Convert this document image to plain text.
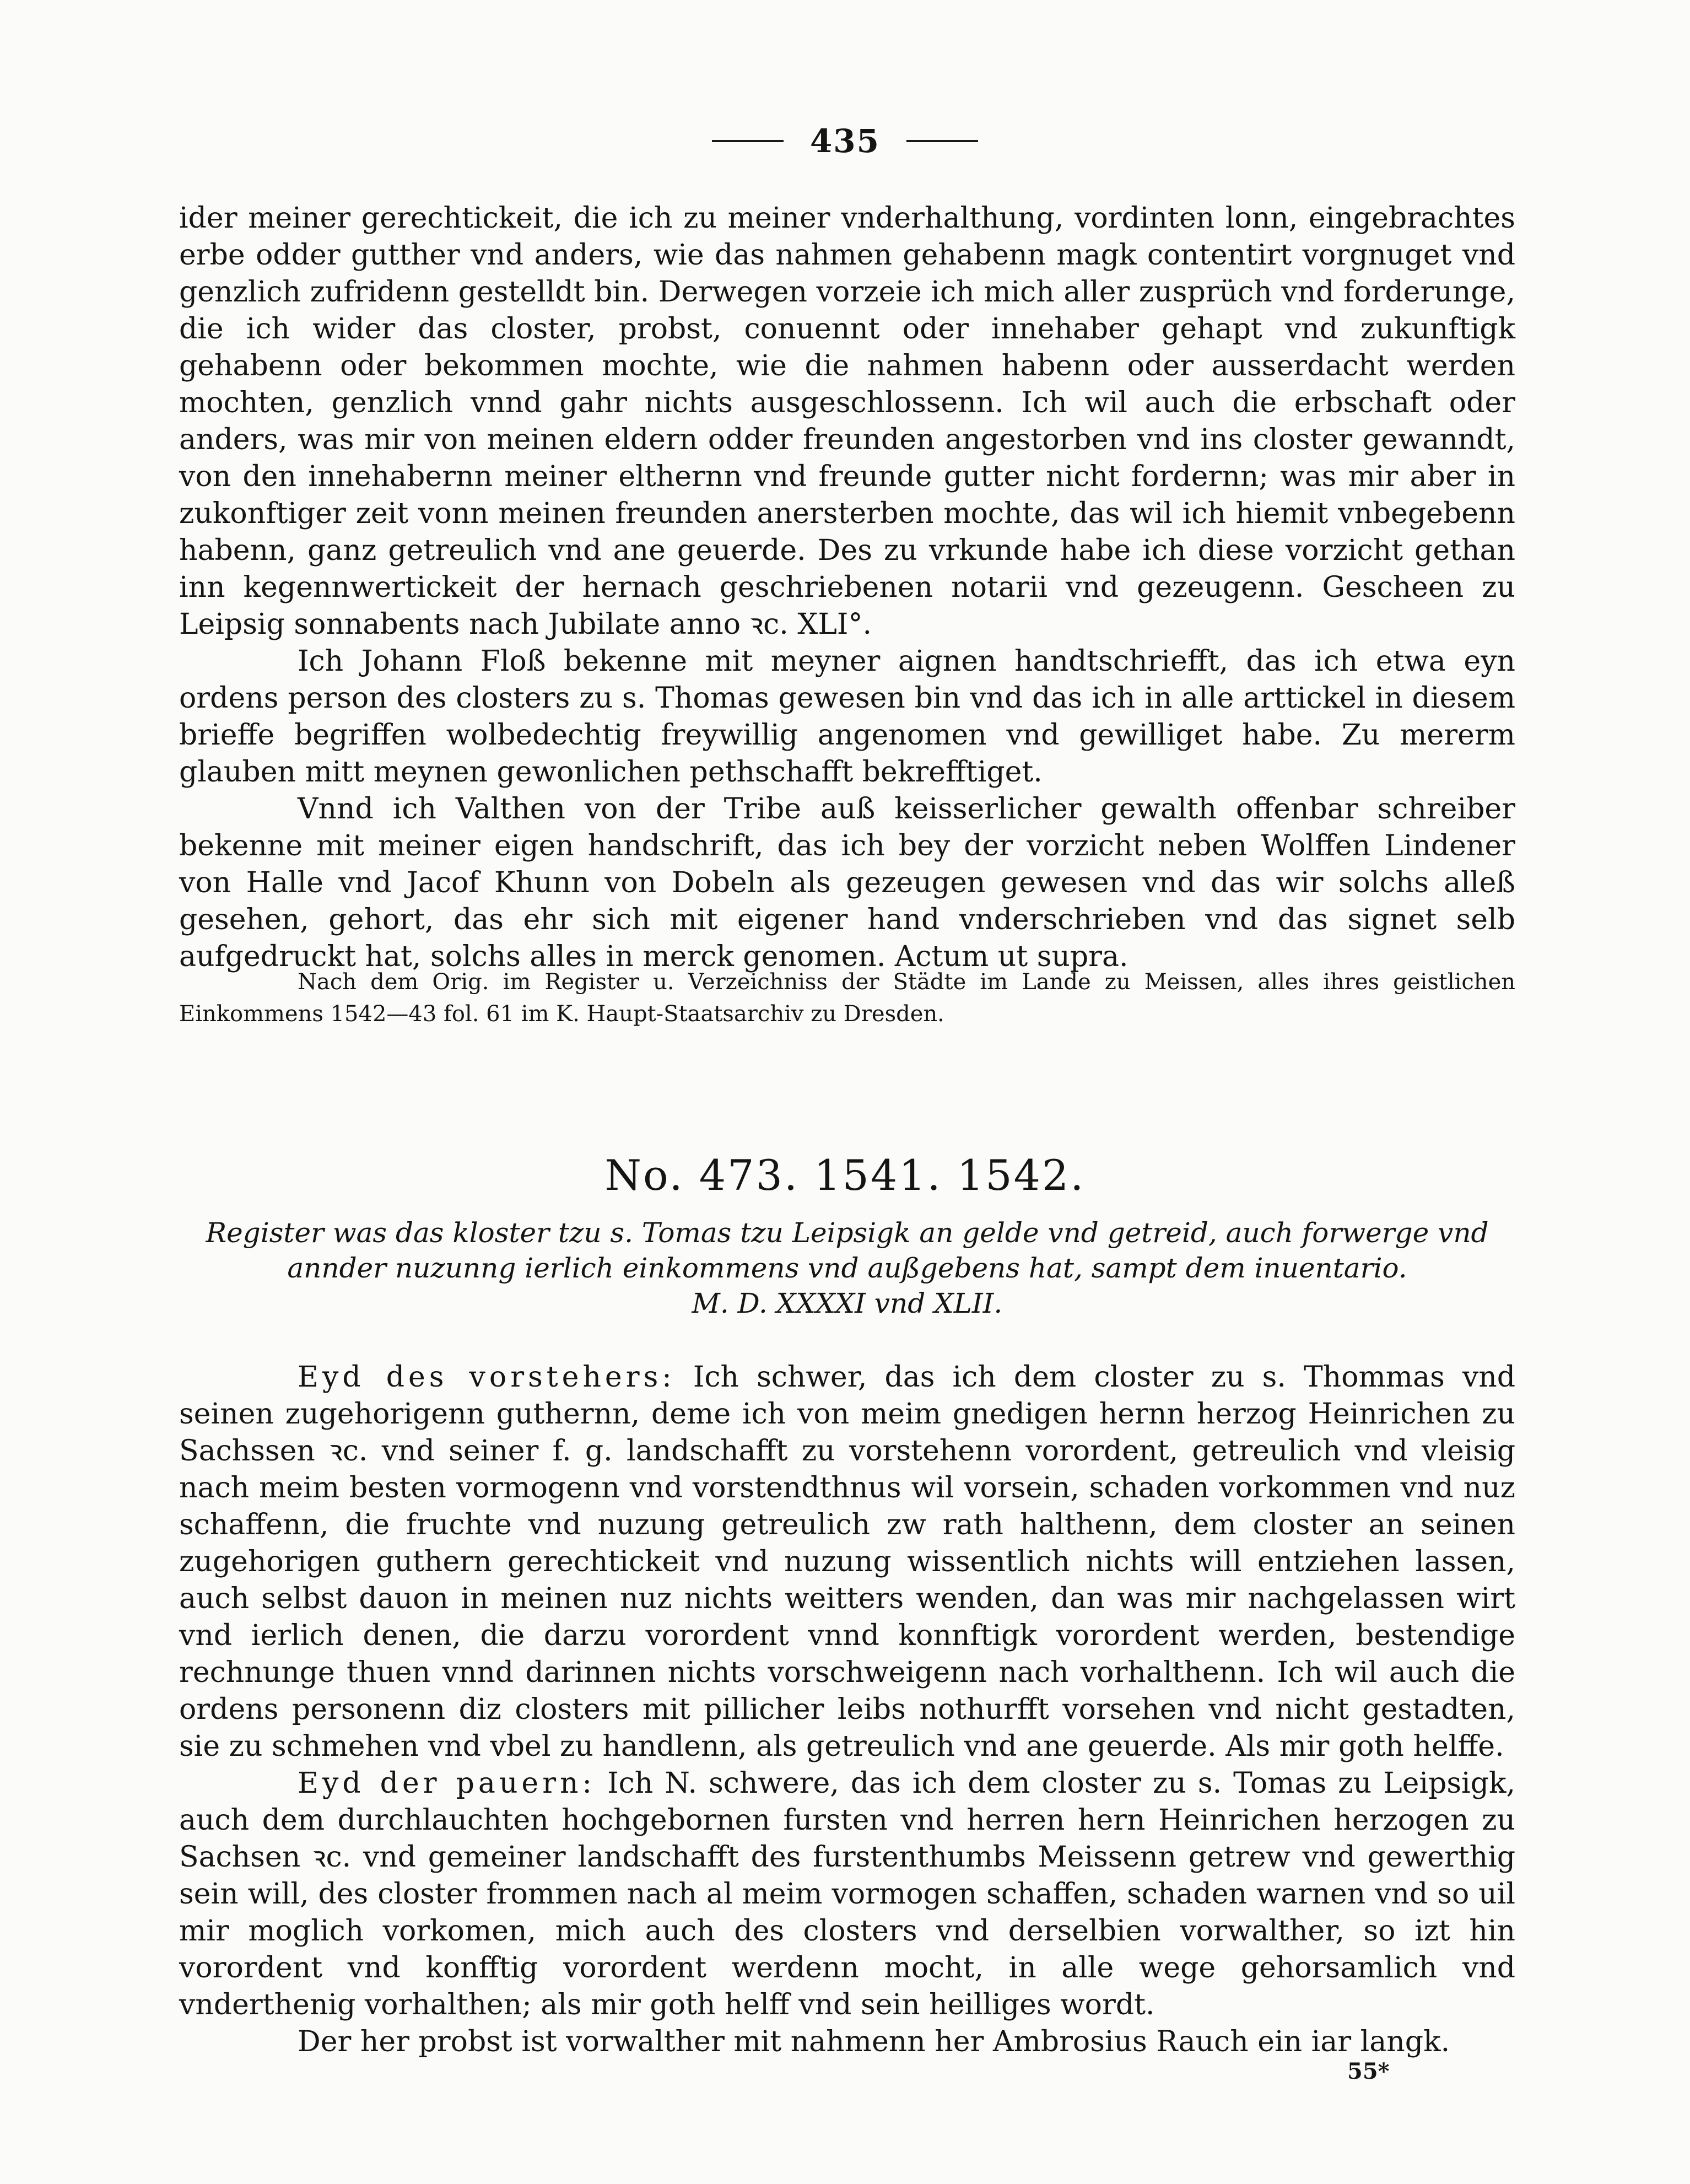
435

ider meiner gerechtickeit, die ich zu meiner vnderhalthung, vordinten lonn, eingebrachtes erbe odder gutther vnd anders, wie das nahmen gehabenn magk contentirt vorgnuget vnd genzlich zufridenn gestelldt bin. Derwegen vorzeie ich mich aller zusprüch vnd forderunge, die ich wider das closter, probst, conuennt oder innehaber gehapt vnd zukunftigk gehabenn oder bekommen mochte, wie die nahmen habenn oder ausserdacht werden mochten, genzlich vnnd gahr nichts ausgeschlossenn. Ich wil auch die erbschaft oder anders, was mir von meinen eldern odder freunden angestorben vnd ins closter gewanndt, von den innehabernn meiner elthernn vnd freunde gutter nicht fordernn; was mir aber in zukonftiger zeit vonn meinen freunden anersterben mochte, das wil ich hiemit vnbegebenn habenn, ganz getreulich vnd ane geuerde. Des zu vrkunde habe ich diese vorzicht gethan inn kegennwertickeit der hernach geschriebenen notarii vnd gezeugenn. Gescheen zu Leipsig sonnabents nach Jubilate anno ꝛc. XLI°.

Ich Johann Floß bekenne mit meyner aignen handtschriefft, das ich etwa eyn ordens person des closters zu s. Thomas gewesen bin vnd das ich in alle arttickel in diesem brieffe begriffen wolbedechtig freywillig angenomen vnd gewilliget habe. Zu mererm glauben mitt meynen gewonlichen pethschafft bekrefftiget.

Vnnd ich Valthen von der Tribe auß keisserlicher gewalth offenbar schreiber bekenne mit meiner eigen handschrift, das ich bey der vorzicht neben Wolffen Lindener von Halle vnd Jacof Khunn von Dobeln als gezeugen gewesen vnd das wir solchs alleß gesehen, gehort, das ehr sich mit eigener hand vnderschrieben vnd das signet selb aufgedruckt hat, solchs alles in merck genomen. Actum ut supra.

Nach dem Orig. im Register u. Verzeichniss der Städte im Lande zu Meissen, alles ihres geistlichen Einkommens 1542—43 fol. 61 im K. Haupt-Staatsarchiv zu Dresden.

No. 473. 1541. 1542.
Register was das kloster tzu s. Tomas tzu Leipsigk an gelde vnd getreid, auch forwerge vnd
annder nuzunng ierlich einkommens vnd außgebens hat, sampt dem inuentario.
M. D. XXXXI vnd XLII.

Eyd des vorstehers: Ich schwer, das ich dem closter zu s. Thommas vnd seinen zugehorigenn guthernn, deme ich von meim gnedigen hernn herzog Heinrichen zu Sachssen ꝛc. vnd seiner f. g. landschafft zu vorstehenn vorordent, getreulich vnd vleisig nach meim besten vormogenn vnd vorstendthnus wil vorsein, schaden vorkommen vnd nuz schaffenn, die fruchte vnd nuzung getreulich zw rath halthenn, dem closter an seinen zugehorigen guthern gerechtickeit vnd nuzung wissentlich nichts will entziehen lassen, auch selbst dauon in meinen nuz nichts weitters wenden, dan was mir nachgelassen wirt vnd ierlich denen, die darzu vorordent vnnd konnftigk vorordent werden, bestendige rechnunge thuen vnnd darinnen nichts vorschweigenn nach vorhalthenn. Ich wil auch die ordens personenn diz closters mit pillicher leibs nothurfft vorsehen vnd nicht gestadten, sie zu schmehen vnd vbel zu handlenn, als getreulich vnd ane geuerde. Als mir goth helffe.

Eyd der pauern: Ich N. schwere, das ich dem closter zu s. Tomas zu Leipsigk, auch dem durchlauchten hochgebornen fursten vnd herren hern Heinrichen herzogen zu Sachsen ꝛc. vnd gemeiner landschafft des furstenthumbs Meissenn getrew vnd gewerthig sein will, des closter frommen nach al meim vormogen schaffen, schaden warnen vnd so uil mir moglich vorkomen, mich auch des closters vnd derselbien vorwalther, so izt hin vorordent vnd konfftig vorordent werdenn mocht, in alle wege gehorsamlich vnd vnderthenig vorhalthen; als mir goth helff vnd sein heilliges wordt.

Der her probst ist vorwalther mit nahmenn her Ambrosius Rauch ein iar langk.

55*
